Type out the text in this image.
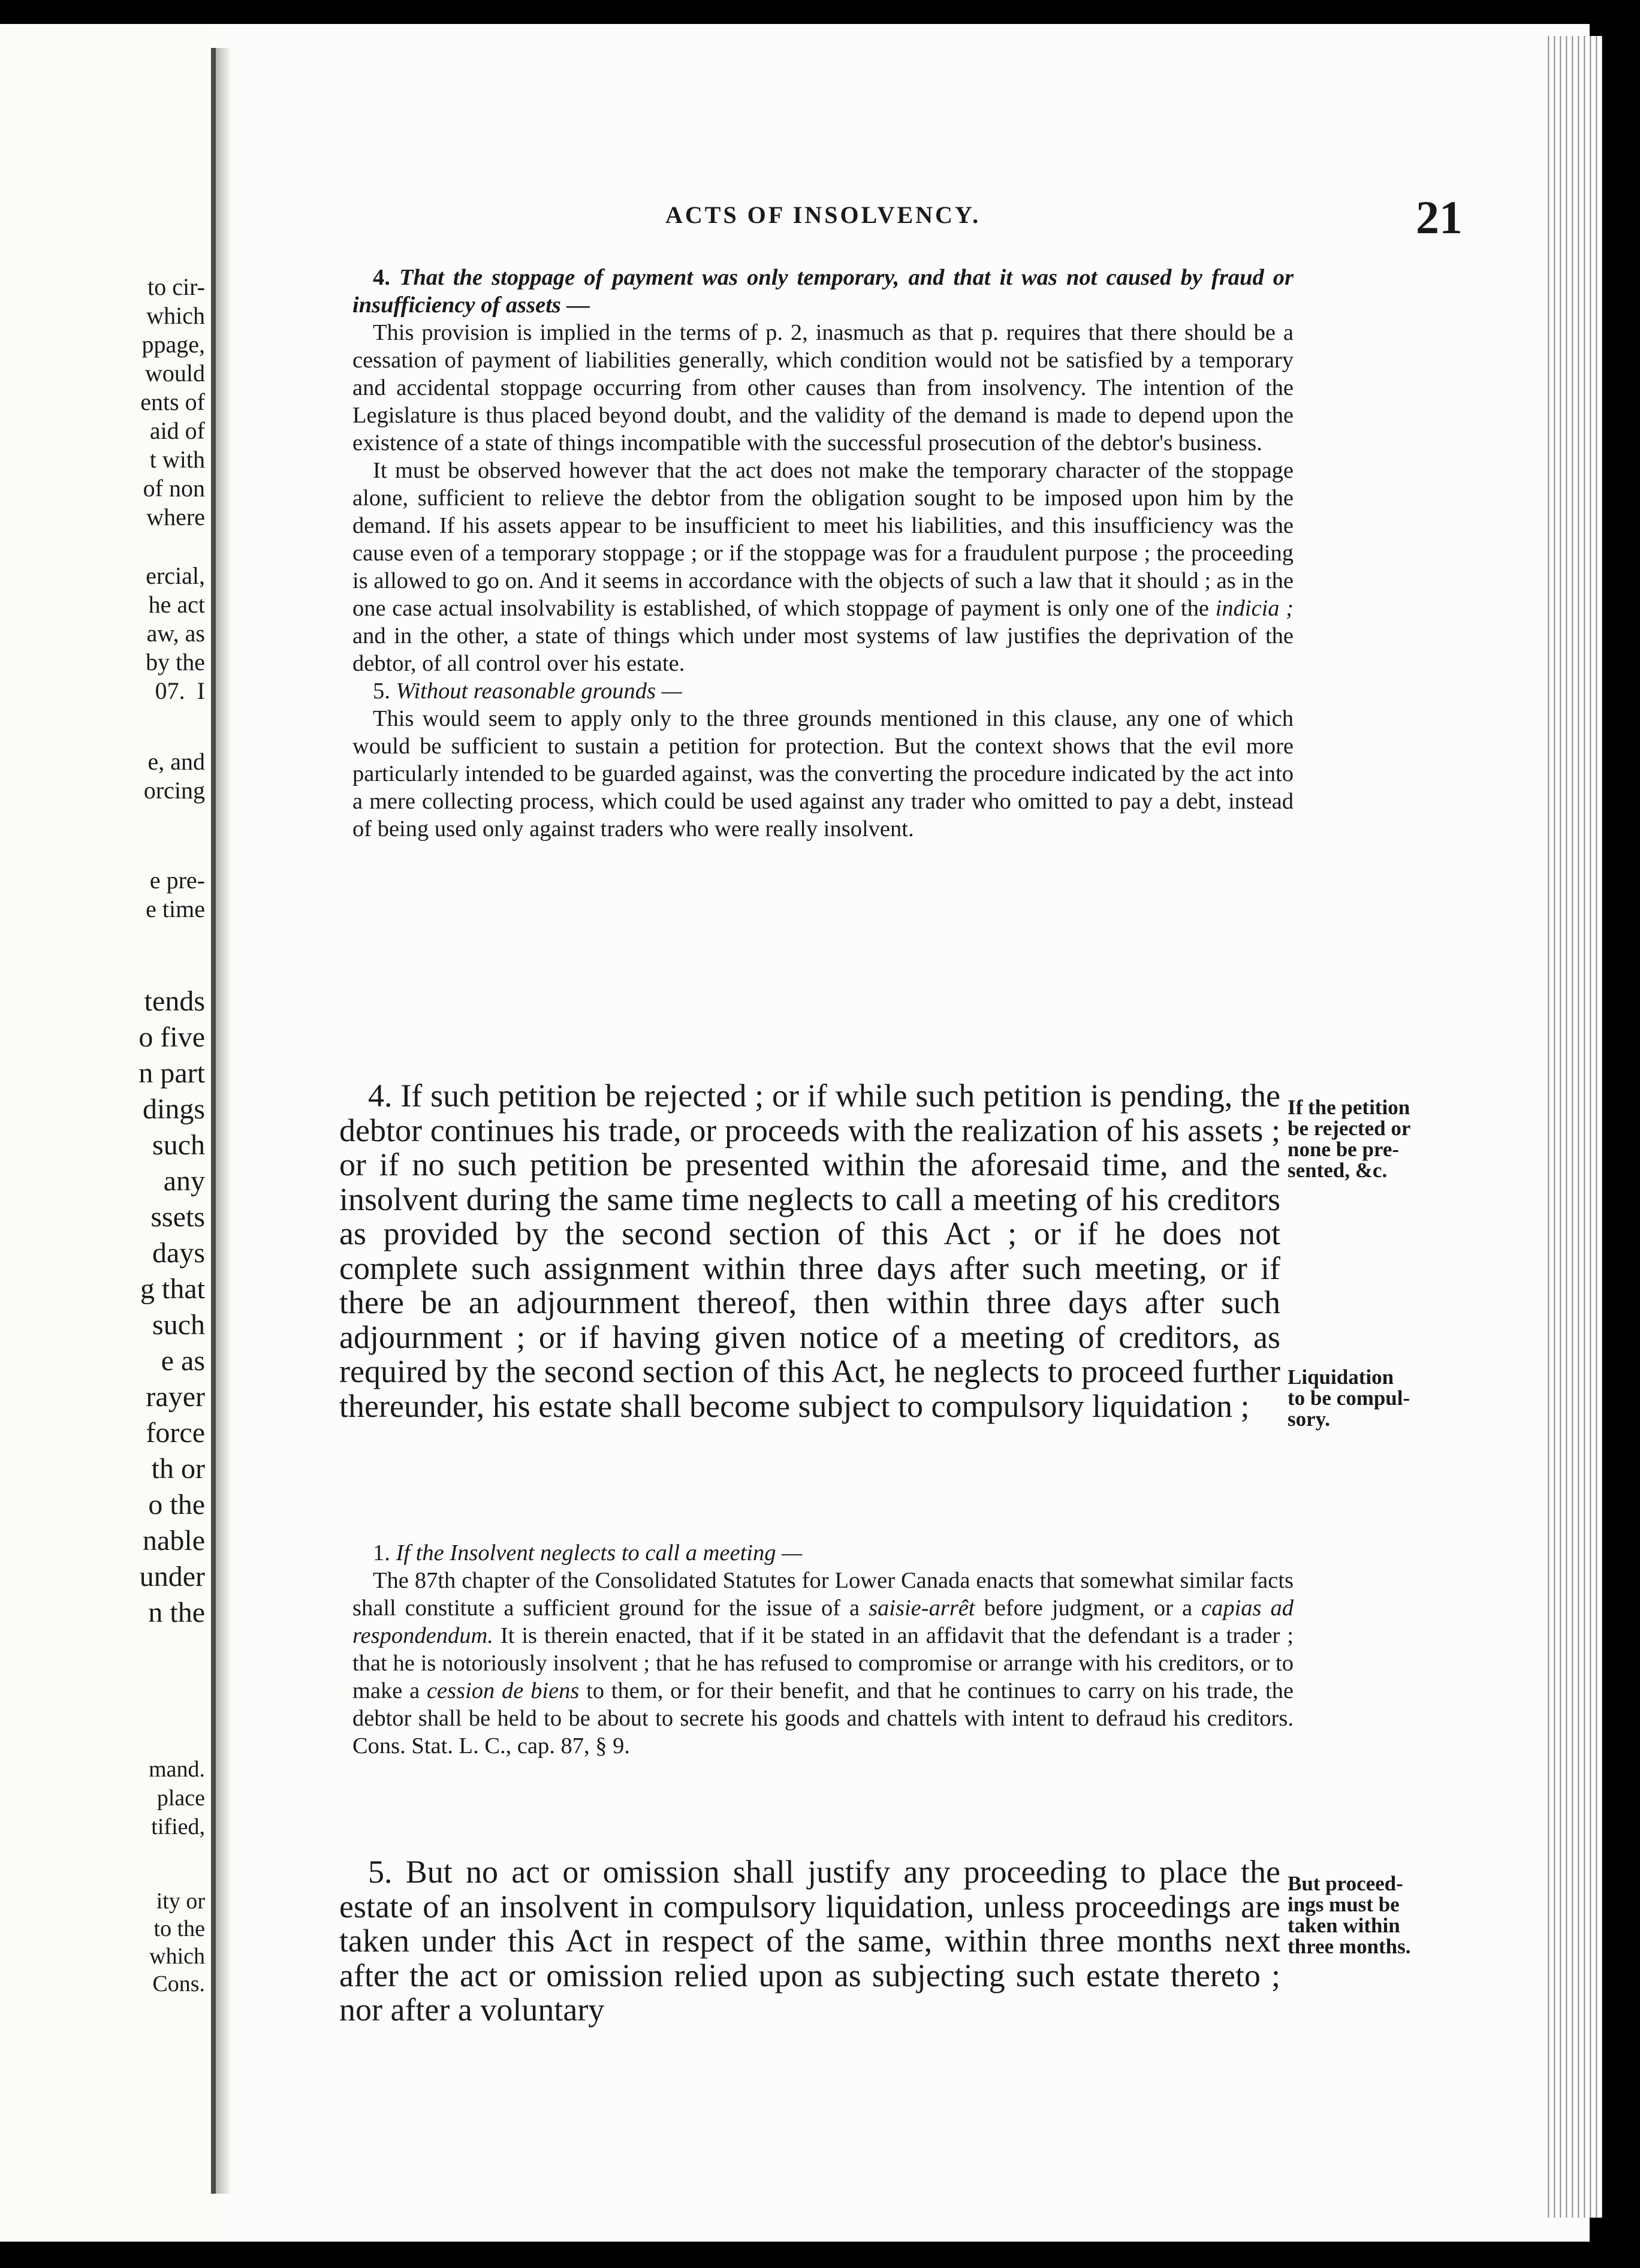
to cir-
which
ppage,
would
ents of
aid of
t with
of non
where
ercial,
he act
aw, as
by the
07.  I
e, and
orcing
e pre-
e time
tends
o five
n part
dings
such
any
ssets
days
g that
such
e as
rayer
force
th or
o the
nable
under
n the
mand.
place
tified,
ity or
to the
which
Cons.
ACTS OF INSOLVENCY.	21

4. That the stoppage of payment was only temporary, and that it was not caused by fraud or insufficiency of assets —

This provision is implied in the terms of p. 2, inasmuch as that p. requires that there should be a cessation of payment of liabilities generally, which condition would not be satisfied by a temporary and accidental stoppage occurring from other causes than from insolvency. The intention of the Legislature is thus placed beyond doubt, and the validity of the demand is made to depend upon the existence of a state of things incompatible with the successful prosecution of the debtor's business.

It must be observed however that the act does not make the temporary character of the stoppage alone, sufficient to relieve the debtor from the obligation sought to be imposed upon him by the demand. If his assets appear to be insufficient to meet his liabilities, and this insufficiency was the cause even of a temporary stoppage ; or if the stoppage was for a fraudulent purpose ; the proceeding is allowed to go on. And it seems in accordance with the objects of such a law that it should ; as in the one case actual insolvability is established, of which stoppage of payment is only one of the indicia ; and in the other, a state of things which under most systems of law justifies the deprivation of the debtor, of all control over his estate.

5. Without reasonable grounds —

This would seem to apply only to the three grounds mentioned in this clause, any one of which would be sufficient to sustain a petition for protection. But the context shows that the evil more particularly intended to be guarded against, was the converting the procedure indicated by the act into a mere collecting process, which could be used against any trader who omitted to pay a debt, instead of being used only against traders who were really insolvent.

4. If such petition be rejected ; or if while such petition is pending, the debtor continues his trade, or proceeds with the realization of his assets ; or if no such petition be presented within the aforesaid time, and the insolvent during the same time neglects to call a meeting of his creditors as provided by the second section of this Act ; or if he does not complete such assignment within three days after such meeting, or if there be an adjournment thereof, then within three days after such adjournment ; or if having given notice of a meeting of creditors, as required by the second section of this Act, he neglects to proceed further thereunder, his estate shall become subject to compulsory liquidation ;

If the petition
be rejected or
none be pre-
sented, &c.
Liquidation
to be compul-
sory.

1. If the Insolvent neglects to call a meeting —

The 87th chapter of the Consolidated Statutes for Lower Canada enacts that somewhat similar facts shall constitute a sufficient ground for the issue of a saisie-arrêt before judgment, or a capias ad respondendum. It is therein enacted, that if it be stated in an affidavit that the defendant is a trader ; that he is notoriously insolvent ; that he has refused to compromise or arrange with his creditors, or to make a cession de biens to them, or for their benefit, and that he continues to carry on his trade, the debtor shall be held to be about to secrete his goods and chattels with intent to defraud his creditors. Cons. Stat. L. C., cap. 87, § 9.

5. But no act or omission shall justify any proceeding to place the estate of an insolvent in compulsory liquidation, unless proceedings are taken under this Act in respect of the same, within three months next after the act or omission relied upon as subjecting such estate thereto ; nor after a voluntary

But proceed-
ings must be
taken within
three months.
